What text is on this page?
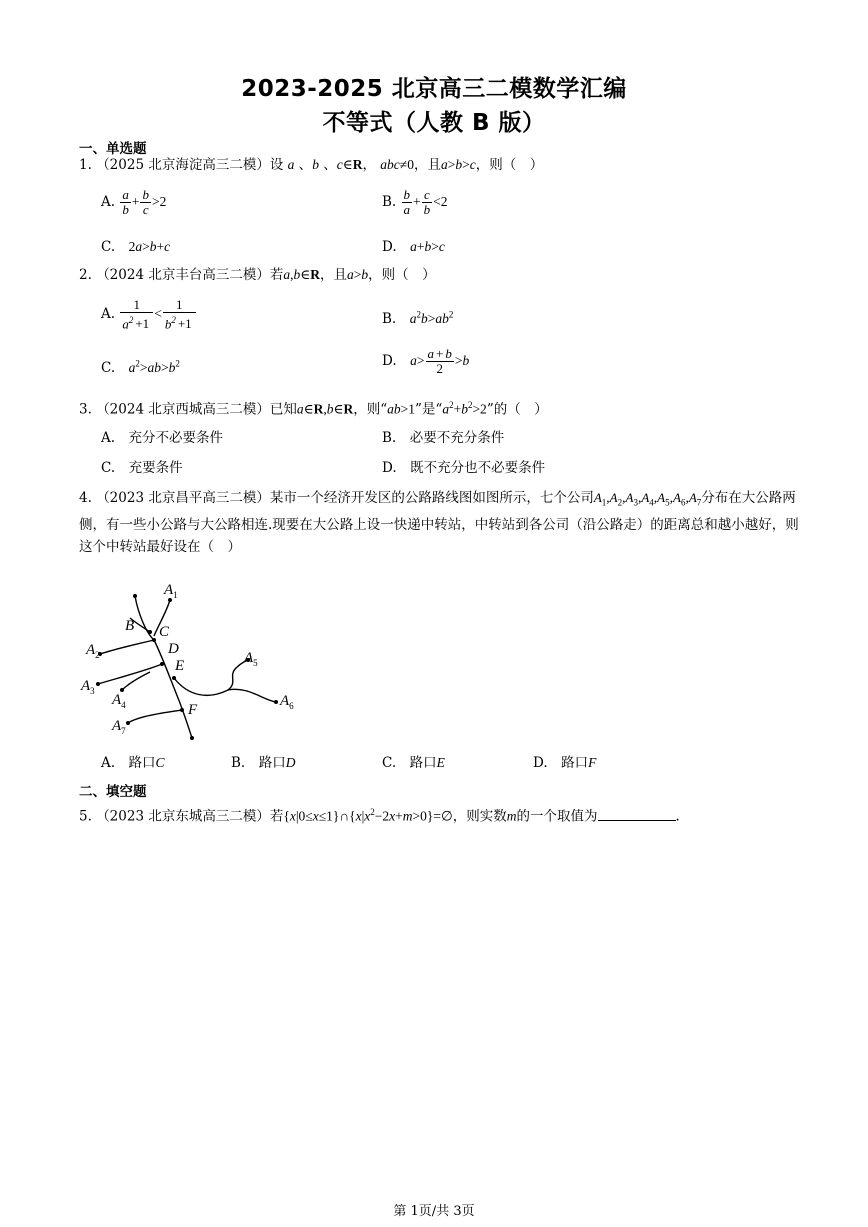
2023-2025 北京高三二模数学汇编
不等式（人教 B 版）
一、单选题
1. （2025 北京海淀高三二模）设 a 、b 、c∈R， abc≠0，且a>b>c，则（　）
A. $\frac{a}{b} + \frac{b}{c} >2$	B. $\frac{b}{a} + \frac{c}{b} <2$
C.　 2a>b+c	D.　 a+b>c
2. （2024 北京丰台高三二模）若a,b∈R，且a>b，则（　）
A. $\frac{1}{a^2 +1} < \frac{1}{b^2 +1}$	B.　 $a^2b>ab^2$
C.　 $a^2>ab>b^2$	D.　 $a> \frac{a + b}{2} >b$
3. （2024 北京西城高三二模）已知a∈R,b∈R，则“ab>1”是“$a^2+b^2>2$”的（　）
A.　充分不必要条件	B.　必要不充分条件
C.　充要条件	D.　既不充分也不必要条件
4. （2023 北京昌平高三二模）某市一个经济开发区的公路路线图如图所示，七个公司$A_1,A_2,A_3,A_4,A_5,A_6,A_7$分布在大公路两侧，有一些小公路与大公路相连.现要在大公路上设一快递中转站，中转站到各公司（沿公路走）的距离总和越小越好，则这个中转站最好设在（　）
$A_1$
B C
D
$A_2$
E	$A_5$
$A_3$
$A_4$	$A_6$
F
$A_7$
A.　路口C	B.　路口D	C.　路口E	D.　路口F
二、填空题
5. （2023 北京东城高三二模）若$\{x|0\le x\le 1\}\cap\{x|x^2-2x+m>0\}=\emptyset$，则实数m的一个取值为	.
第 1页/共 3页
